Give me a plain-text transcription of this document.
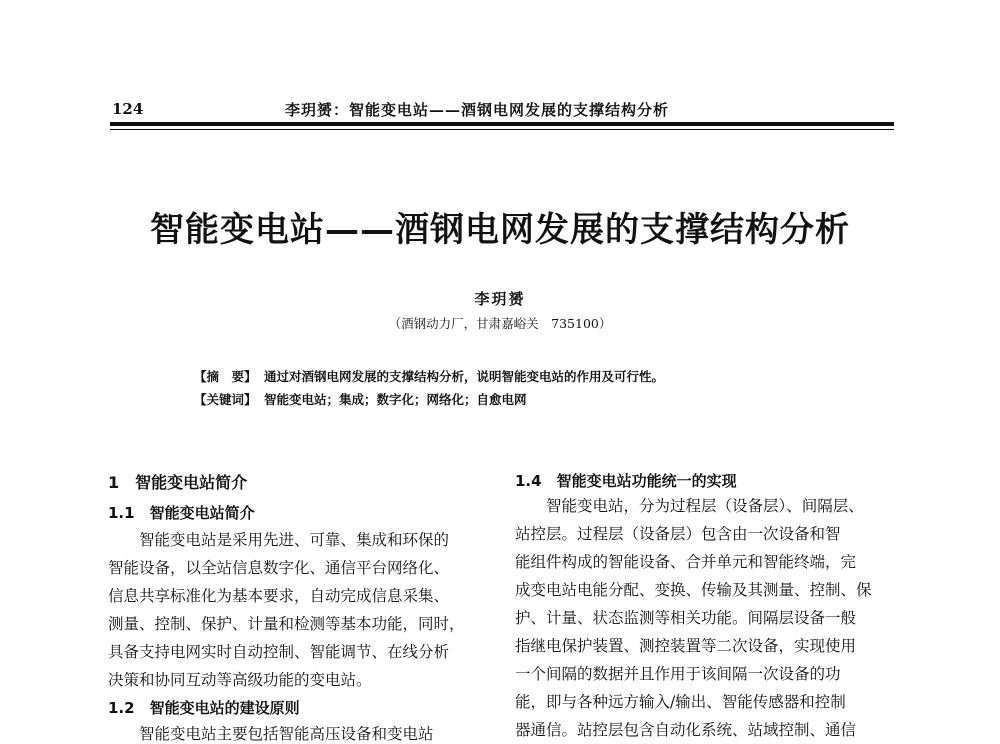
124	李玥赟：智能变电站——酒钢电网发展的支撑结构分析
智能变电站——酒钢电网发展的支撑结构分析
李玥赟
（酒钢动力厂，甘肃嘉峪关　735100）
【摘　要】 通过对酒钢电网发展的支撑结构分析，说明智能变电站的作用及可行性。
【关键词】 智能变电站；集成；数字化；网络化；自愈电网
1　智能变电站简介
1.1　智能变电站简介
　　智能变电站是采用先进、可靠、集成和环保的
智能设备，以全站信息数字化、通信平台网络化、
信息共享标准化为基本要求，自动完成信息采集、
测量、控制、保护、计量和检测等基本功能，同时，
具备支持电网实时自动控制、智能调节、在线分析
决策和协同互动等高级功能的变电站。
1.2　智能变电站的建设原则
　　智能变电站主要包括智能高压设备和变电站
1.4　智能变电站功能统一的实现
　　智能变电站，分为过程层（设备层）、间隔层、
站控层。过程层（设备层）包含由一次设备和智
能组件构成的智能设备、合并单元和智能终端，完
成变电站电能分配、变换、传输及其测量、控制、保
护、计量、状态监测等相关功能。间隔层设备一般
指继电保护装置、测控装置等二次设备，实现使用
一个间隔的数据并且作用于该间隔一次设备的功
能，即与各种远方输入/输出、智能传感器和控制
器通信。站控层包含自动化系统、站域控制、通信
